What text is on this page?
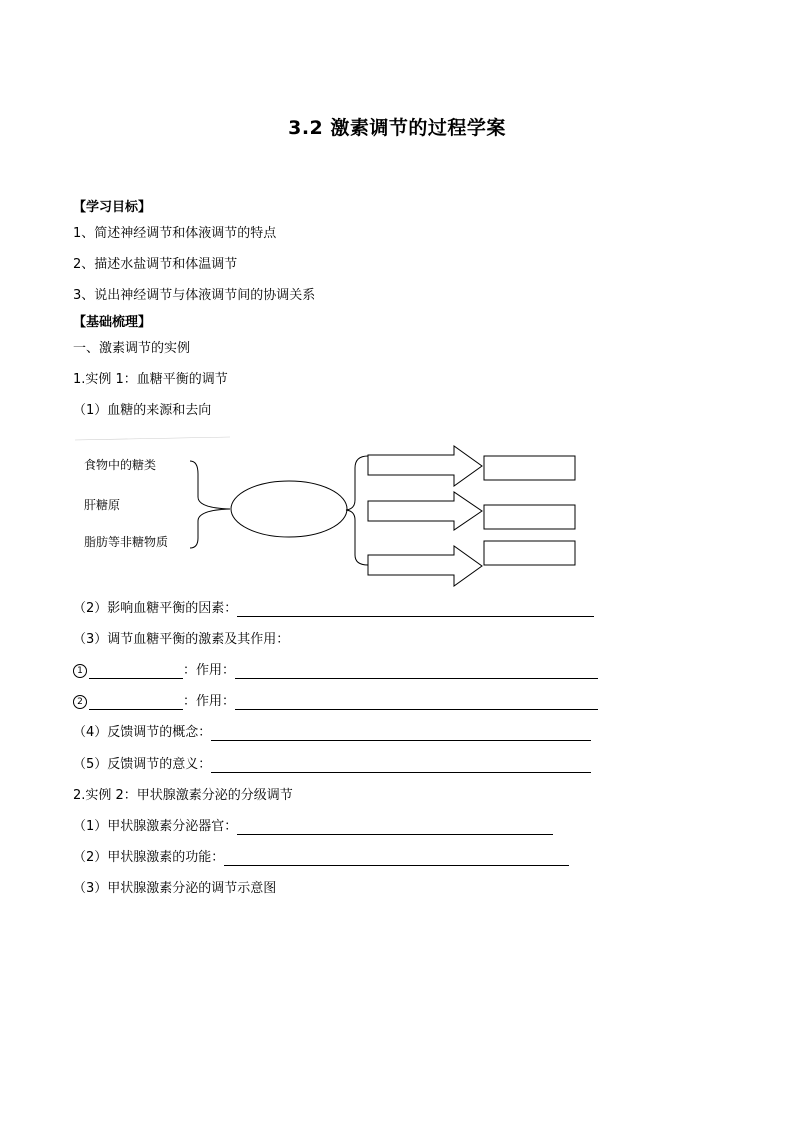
3.2 激素调节的过程学案
【学习目标】
1、简述神经调节和体液调节的特点
2、描述水盐调节和体温调节
3、说出神经调节与体液调节间的协调关系
【基础梳理】
一、激素调节的实例
1.实例 1：血糖平衡的调节
（1）血糖的来源和去向
食物中的糖类
肝糖原
脂肪等非糖物质
（2）影响血糖平衡的因素：
（3）调节血糖平衡的激素及其作用：
1	：作用：
2	：作用：
（4）反馈调节的概念：
（5）反馈调节的意义：
2.实例 2：甲状腺激素分泌的分级调节
（1）甲状腺激素分泌器官：
（2）甲状腺激素的功能：
（3）甲状腺激素分泌的调节示意图
